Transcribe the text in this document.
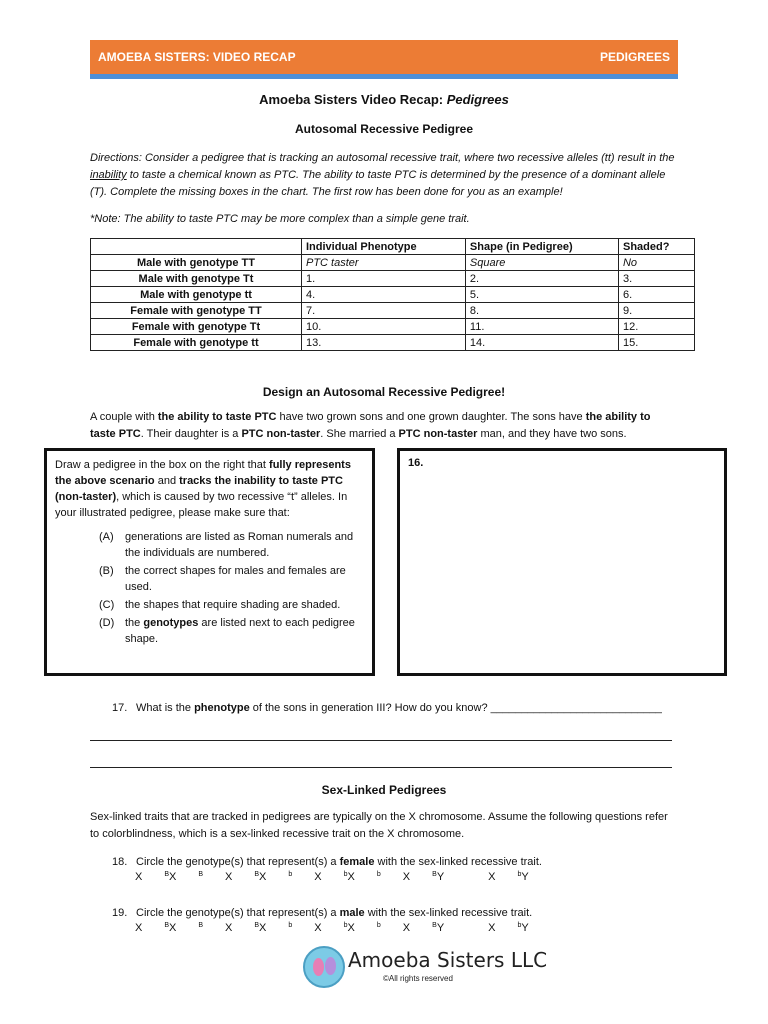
AMOEBA SISTERS: VIDEO RECAP	PEDIGREES
Amoeba Sisters Video Recap: Pedigrees
Autosomal Recessive Pedigree
Directions: Consider a pedigree that is tracking an autosomal recessive trait, where two recessive alleles (tt) result in the inability to taste a chemical known as PTC. The ability to taste PTC is determined by the presence of a dominant allele (T). Complete the missing boxes in the chart. The first row has been done for you as an example!
*Note: The ability to taste PTC may be more complex than a simple gene trait.
	Individual Phenotype	Shape (in Pedigree)	Shaded?
Male with genotype TT	PTC taster	Square	No
Male with genotype Tt	1.	2.	3.
Male with genotype tt	4.	5.	6.
Female with genotype TT	7.	8.	9.
Female with genotype Tt	10.	11.	12.
Female with genotype tt	13.	14.	15.
Design an Autosomal Recessive Pedigree!
A couple with the ability to taste PTC have two grown sons and one grown daughter. The sons have the ability to taste PTC. Their daughter is a PTC non-taster. She married a PTC non-taster man, and they have two sons.
Draw a pedigree in the box on the right that fully represents the above scenario and tracks the inability to taste PTC (non-taster), which is caused by two recessive “t” alleles. In your illustrated pedigree, please make sure that:
(A)	generations are listed as Roman numerals and the individuals are numbered.
(B)	the correct shapes for males and females are used.
(C) the shapes that require shading are shaded.
(D) the genotypes are listed next to each pedigree shape.
16.
17. What is the phenotype of the sons in generation III? How do you know? ____________________________
Sex-Linked Pedigrees
Sex-linked traits that are tracked in pedigrees are typically on the X chromosome. Assume the following questions refer to colorblindness, which is a sex-linked recessive trait on the X chromosome.
18. Circle the genotype(s) that represent(s) a female with the sex-linked recessive trait.
X	$^B$X	$^B$ X	$^B$X	$^b$ X	$^b$X	$^b$ X	$^B$Y	X	$^b$Y
19. Circle the genotype(s) that represent(s) a male with the sex-linked recessive trait.
X	$^B$X	$^B$ X	$^B$X	$^b$ X	$^b$X	$^b$ X	$^B$Y	X	$^b$Y
Amoeba Sisters LLC
©All rights reserved
